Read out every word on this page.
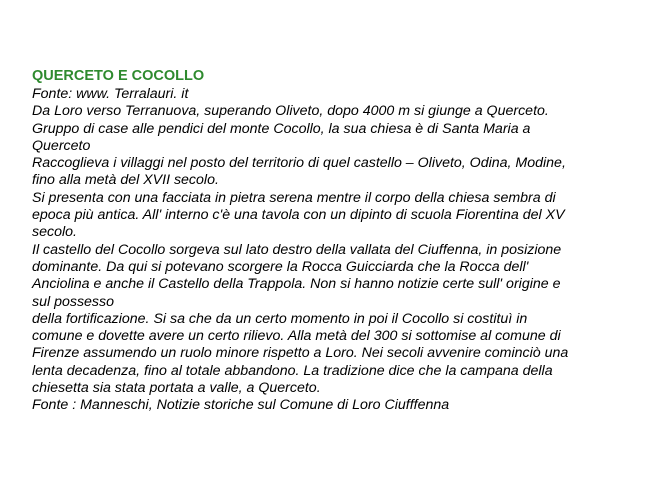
QUERCETO E COCOLLO
Fonte: www. Terralauri. it
Da Loro verso Terranuova, superando Oliveto, dopo 4000 m si giunge a Querceto.
Gruppo di case alle pendici del monte Cocollo, la sua chiesa è di Santa Maria a
Querceto
Raccoglieva i villaggi nel posto del territorio di quel castello – Oliveto, Odina, Modine,
fino alla metà del XVII secolo.
Si presenta con una facciata in pietra serena mentre il corpo della chiesa sembra di
epoca più antica. All' interno c'è una tavola con un dipinto di scuola Fiorentina del XV
secolo.
Il castello del Cocollo sorgeva sul lato destro della vallata del Ciuffenna, in posizione
dominante. Da qui si potevano scorgere la Rocca Guicciarda che la Rocca dell'
Anciolina e anche il Castello della Trappola. Non si hanno notizie certe sull' origine e
sul possesso
della fortificazione. Si sa che da un certo momento in poi il Cocollo si costituì in
comune e dovette avere un certo rilievo. Alla metà del 300 si sottomise al comune di
Firenze assumendo un ruolo minore rispetto a Loro. Nei secoli avvenire cominciò una
lenta decadenza, fino al totale abbandono. La tradizione dice che la campana della
chiesetta sia stata portata a valle, a Querceto.
Fonte : Manneschi, Notizie storiche sul Comune di Loro Ciufffenna
